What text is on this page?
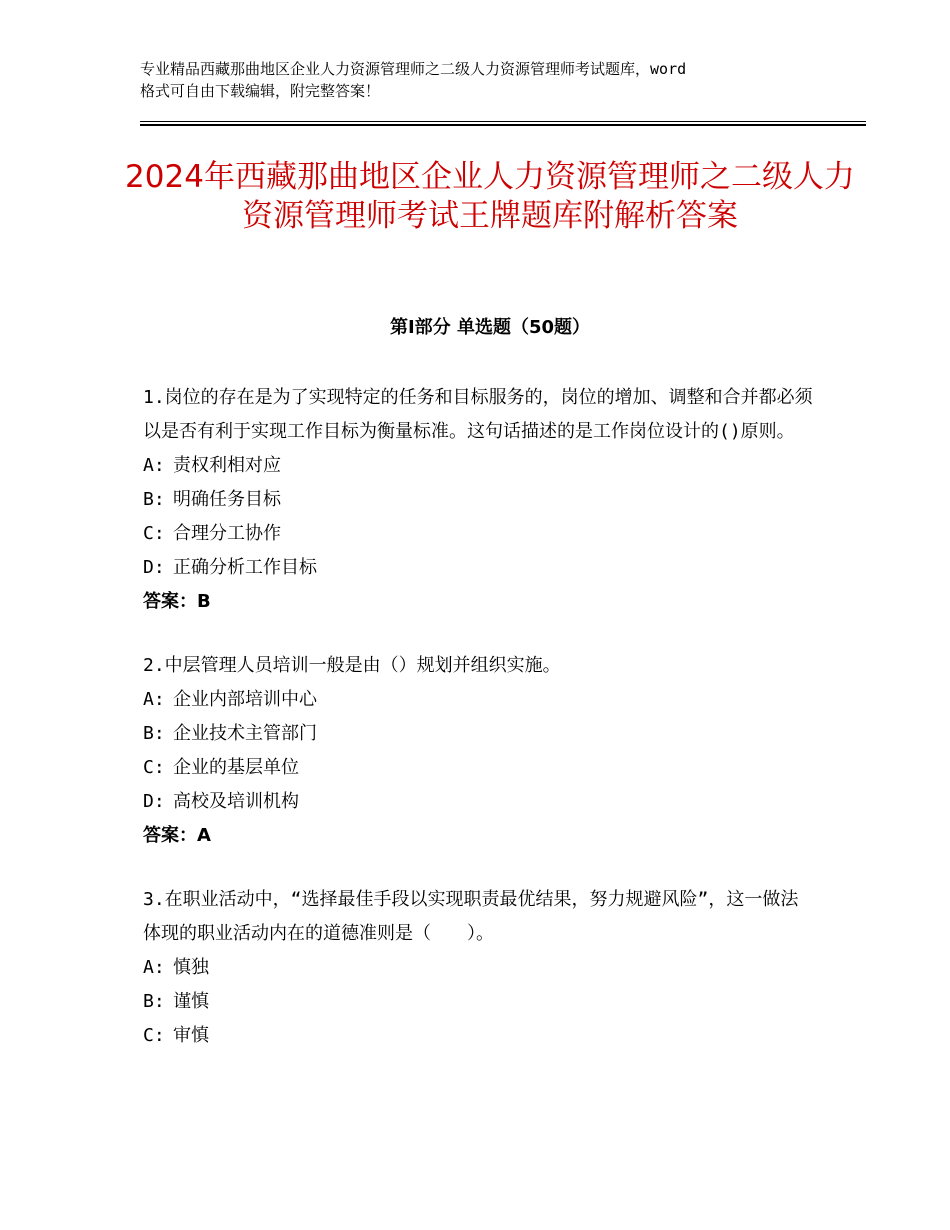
专业精品西藏那曲地区企业人力资源管理师之二级人力资源管理师考试题库，word
格式可自由下载编辑，附完整答案！
2024年西藏那曲地区企业人力资源管理师之二级人力资源管理师考试王牌题库附解析答案
第Ⅰ部分 单选题（50题）

1.岗位的存在是为了实现特定的任务和目标服务的，岗位的增加、调整和合并都必须以是否有利于实现工作目标为衡量标准。这句话描述的是工作岗位设计的()原则。

A: 责权利相对应

B: 明确任务目标

C: 合理分工协作

D: 正确分析工作目标

答案：B

2.中层管理人员培训一般是由（）规划并组织实施。

A: 企业内部培训中心

B: 企业技术主管部门

C: 企业的基层单位

D: 高校及培训机构

答案：A

3.在职业活动中，“选择最佳手段以实现职责最优结果，努力规避风险”，这一做法体现的职业活动内在的道德准则是（　　）。

A: 慎独

B: 谨慎

C: 审慎
